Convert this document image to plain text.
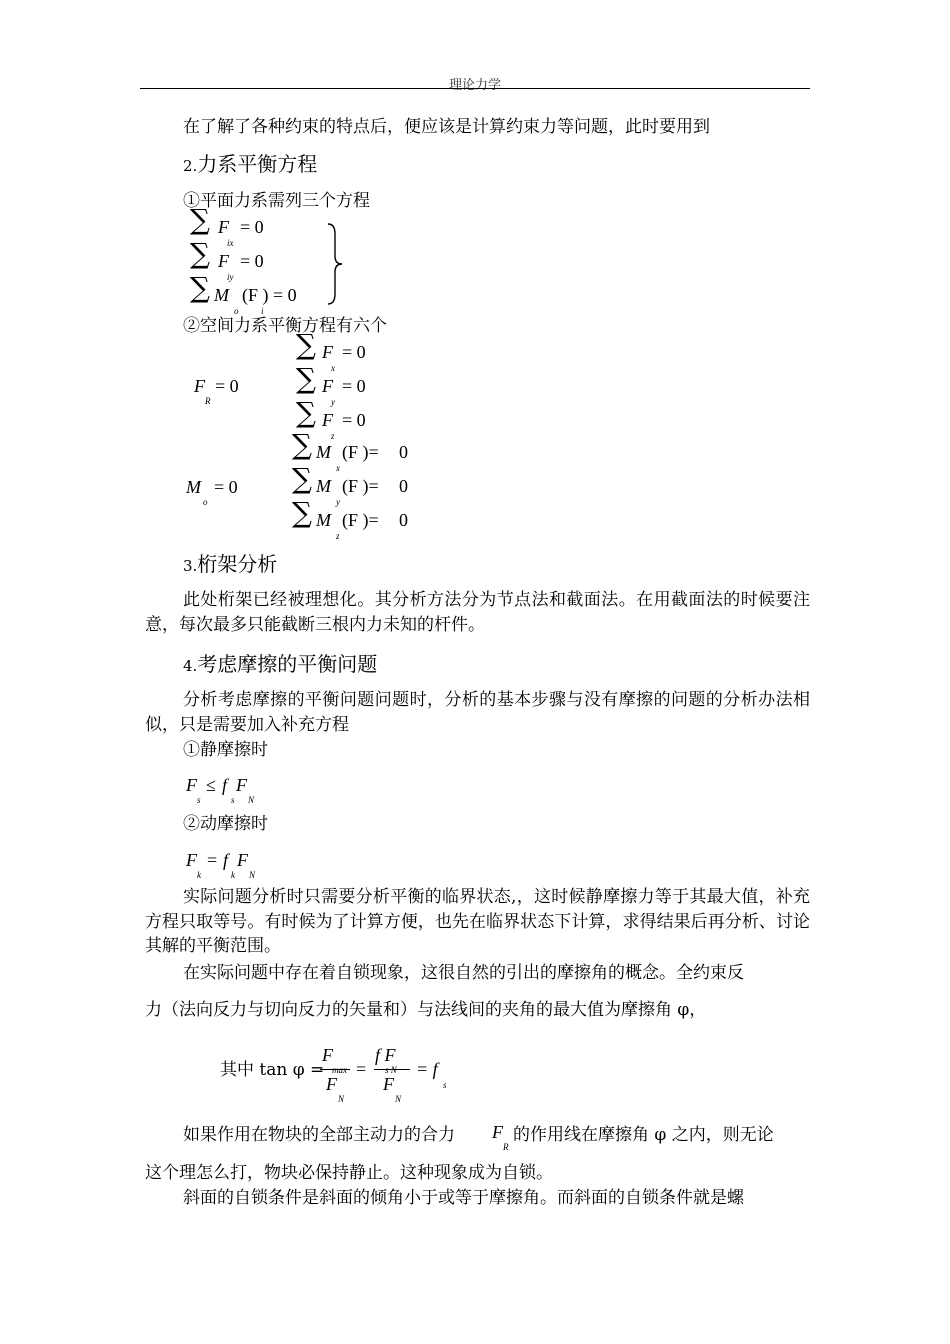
理论力学
在了解了各种约束的特点后，便应该是计算约束力等问题，此时要用到
2.力系平衡方程
①平面力系需列三个方程
∑ F = 0
ix
∑ F = 0
iy
∑ M (F ) = 0
o	i
②空间力系平衡方程有六个
F = 0
R
M = 0
o
∑ F = 0
x
∑ F = 0
y
∑ F = 0
z
∑ M (F )= 0
x
∑ M (F )= 0
y
∑ M (F )= 0
z
3.桁架分析
此处桁架已经被理想化。其分析方法分为节点法和截面法。在用截面法的时候要注意，每次最多只能截断三根内力未知的杆件。
4.考虑摩擦的平衡问题
分析考虑摩擦的平衡问题问题时，分析的基本步骤与没有摩擦的问题的分析办法相似，只是需要加入补充方程
①静摩擦时
F ≤ f F
s	s N
②动摩擦时
F = f F
k	k N
实际问题分析时只需要分析平衡的临界状态,，这时候静摩擦力等于其最大值，补充方程只取等号。有时候为了计算方便，也先在临界状态下计算，求得结果后再分析、讨论其解的平衡范围。
在实际问题中存在着自锁现象，这很自然的引出的摩擦角的概念。全约束反
力（法向反力与切向反力的矢量和）与法线间的夹角的最大值为摩擦角 φ，
其中 tan φ =
F
max
F
N
=
f F
s N
F
N
= f
s
如果作用在物块的全部主动力的合力 F
R
的作用线在摩擦角 φ 之内，则无论
这个理怎么打，物块必保持静止。这种现象成为自锁。
斜面的自锁条件是斜面的倾角小于或等于摩擦角。而斜面的自锁条件就是螺
